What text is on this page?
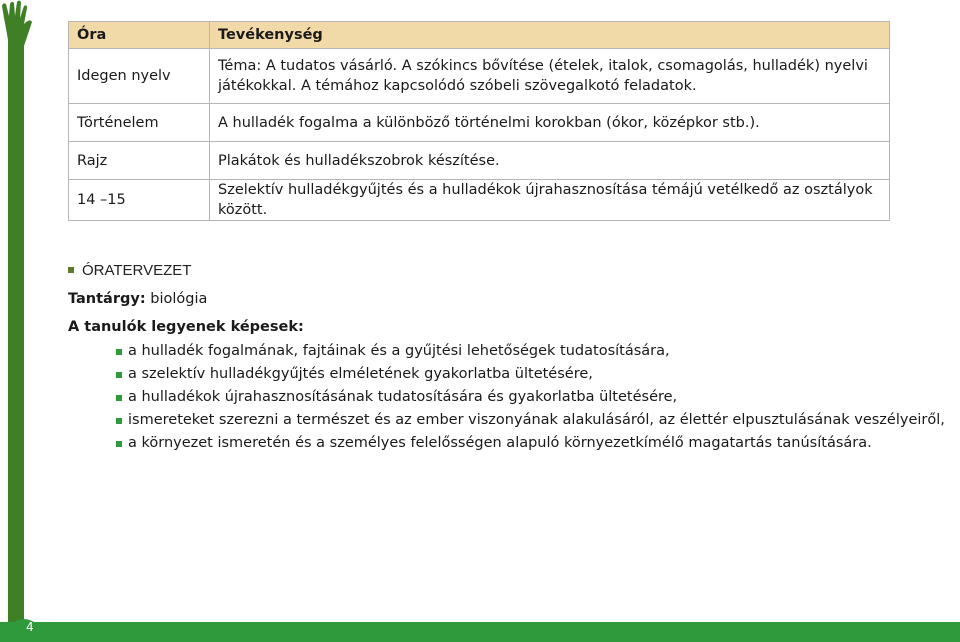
4
Óra	Tevékenység
Idegen nyelv	Téma: A tudatos vásárló. A szókincs bővítése (ételek, italok, csomagolás, hulladék) nyelvi
játékokkal. A témához kapcsolódó szóbeli szövegalkotó feladatok.

Történelem	A hulladék fogalma a különböző történelmi korokban (ókor, középkor stb.).
Rajz	Plakátok és hulladékszobrok készítése.
14 –15	Szelektív hulladékgyűjtés és a hulladékok újrahasznosítása témájú vetélkedő az osztályok között.
ÓRATERVEZET
Tantárgy: biológia
A tanulók legyenek képesek:
a hulladék fogalmának, fajtáinak és a gyűjtési lehetőségek tudatosítására,
a szelektív hulladékgyűjtés elméletének gyakorlatba ültetésére,
a hulladékok újrahasznosításának tudatosítására és gyakorlatba ültetésére,
ismereteket szerezni a természet és az ember viszonyának alakulásáról, az élettér elpusztulásának veszélyeiről,
a környezet ismeretén és a személyes felelősségen alapuló környezetkímélő magatartás tanúsítására.
